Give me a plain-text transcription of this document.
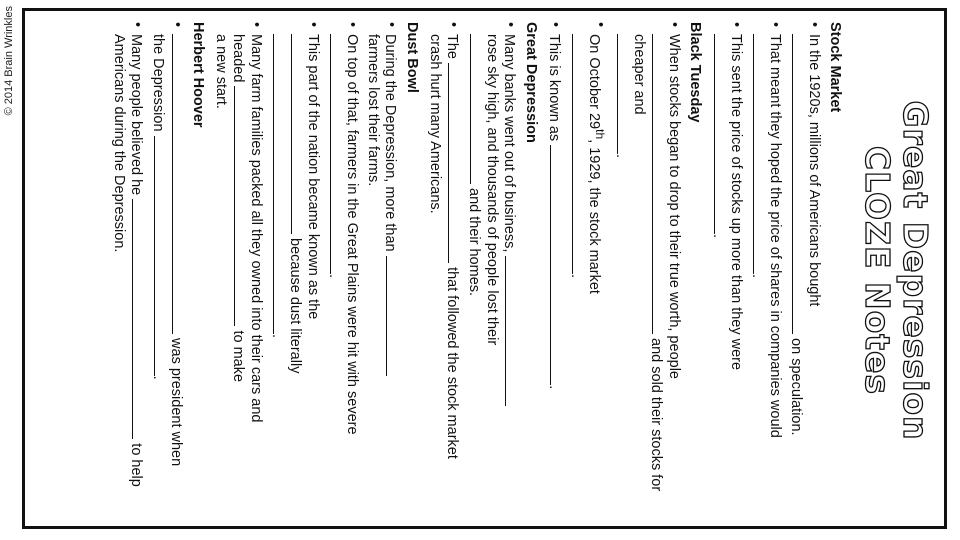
© 2014 Brain Wrinkles
Great Depression
CLOZE Notes
Stock Market
• In the 1920s, millions of Americans bought
on speculation.
• That meant they hoped the price of shares in companies would
.
• This sent the price of stocks up more than they were
.
Black Tuesday
• When stocks began to drop to their true worth, people
and sold their stocks for cheaper and
.
• On October 29th, 1929, the stock market
.
• This is known as .
Great Depression
• Many banks went out of business,
rose sky high, and thousands of people lost their
and their homes.
• The  that followed the stock market
crash hurt many Americans.
Dust Bowl
• During the Depression, more than
farmers lost their farms.
• On top of that, farmers in the Great Plains were hit with severe
.
• This part of the nation became known as the
because dust literally
.
• Many farm families packed all they owned into their cars and
headed  to make
a new start.
Herbert Hoover
• was president when
the Depression .
• Many people believed he  to help
Americans during the Depression.
